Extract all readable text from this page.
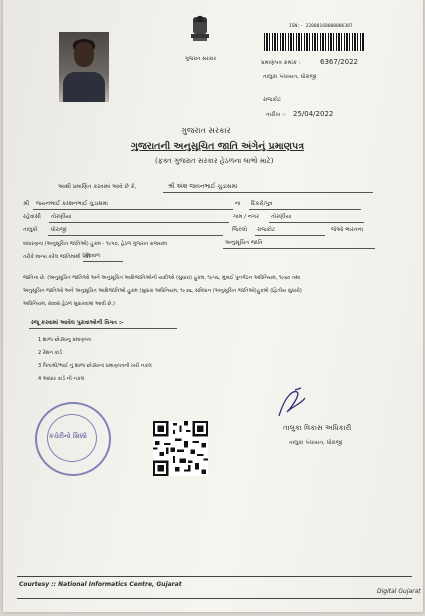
ગુજરાત સરકાર
ISN:- 22000168000006387
પ્રમાણપત્ર ક્રમાંક :	6367/2022
તાલુકા પંચાયત, ધોરાજી
રાજકોટ
તારીખ :- 25/04/2022
ગુજરાત સરકાર
ગુજરાતની અનુસૂચિત જાતિ અંગેનું પ્રમાણપત્ર
(ફક્ત ગુજરાત સરકાર હેઠળના લાભો માટે)
આથી પ્રમાણિત કરવામાં આવે છે કે,	શ્રી અંશ જયનભાઈ ચુડાસમા
શ્રી જયનભાઈ કરશનભાઈ ચુડાસમા	ના દિકરો/પુત્ર
રહેવાસી તોરણીયા	ગામ / નગર તોરણીયા
તાલુકો ધોરાજી	જિલ્લો રાજકોટ	જેઓ ભારતના
બંધારણના (અનુસૂચિત જાતિઓ) હુકમ - ૧૯૫૦, હેઠળ ગુજરાત રાજ્યમાં	અનુસૂચિત જાતિ
તરીકે માન્ય કરેલ જાતિમાંથી પૈકી
મેઘવાળ
જાતિના છે. (અનુસૂચિત જાતિઓ અને અનુસૂચિત આદિજાતિઓની યાદીઓ (સુધારા) હુકમ, ૧૯૫૬, મુંબઈ પુનર્ગઠન અધિનિયમ, ૧૯૬૦ તથા
અનુસૂચિત જાતિઓ અને અનુસૂચિત આદિજાતિઓ હુકમ (સુધારા અધિનિયમ, ૧૯૭૬, સંવિધાન (અનુસૂચિત જાતિઓ)હુકમો (દ્વિતીય સુધારો)
અધિનિયમ, ૨૦૦૨ હેઠળ સુધારવામાં આવી છે.)
રજૂ કરવામાં આવેલ પુરાવાઓની વિગત :-
1 શાળા છોડ્યાનુ પ્રમાણપત્ર
2 રેશન કાર્ડ
3 પિતાશ્રી/ભાઈ નું શાળા છોડ્યાનાં પ્રમાણપત્રની ખરી નકલ
4 આધાર કાર્ડ ની નકલ
કચેરીનો સિક્કો
તાલુકા વિકાસ અધિકારી
તાલુકા પંચાયત, ધોરાજી
Courtesy :: National Informatics Centre, Gujarat
Digital Gujarat
